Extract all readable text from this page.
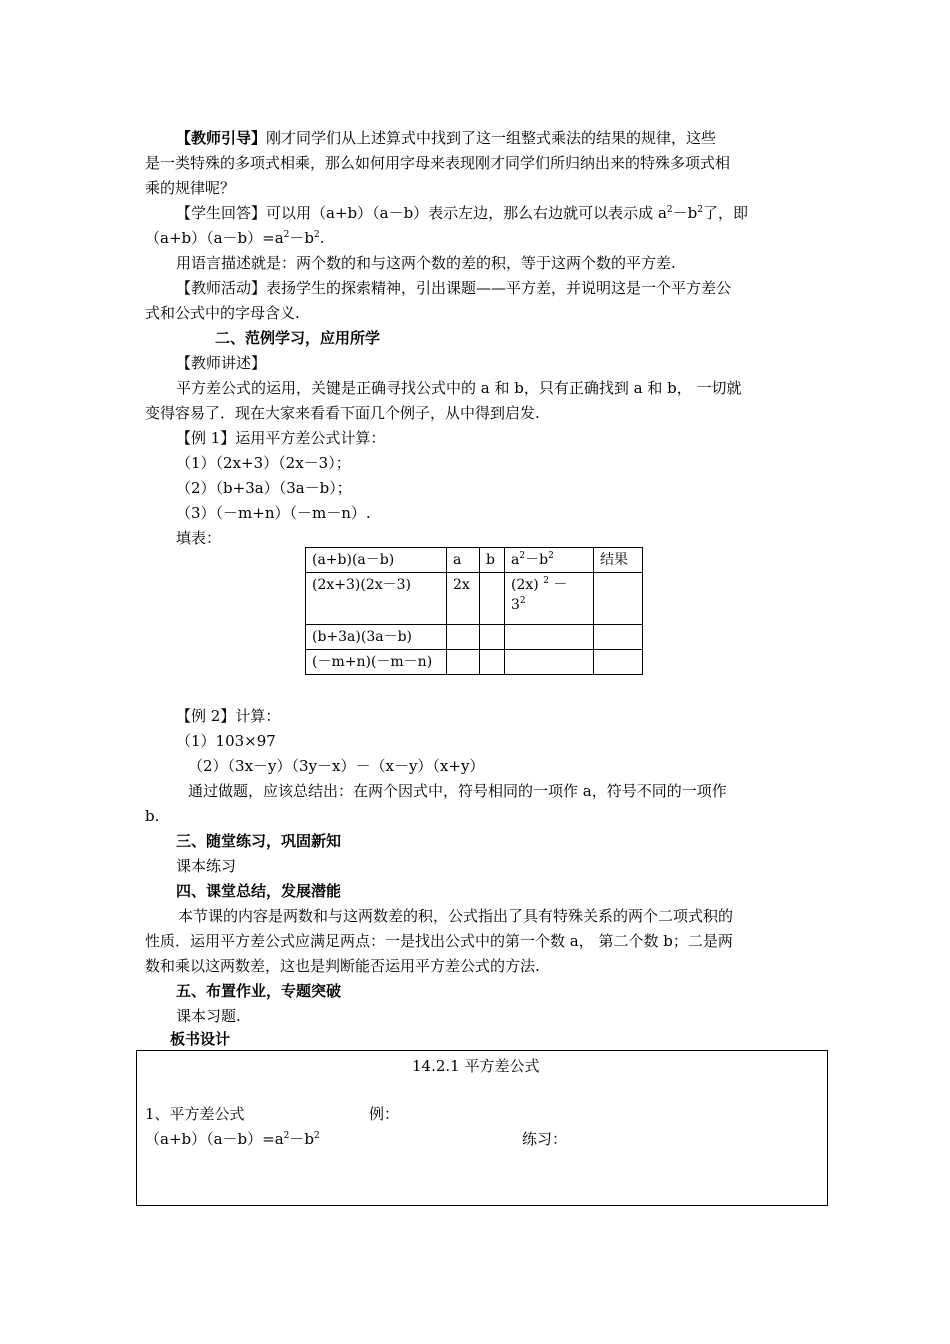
【教师引导】刚才同学们从上述算式中找到了这一组整式乘法的结果的规律，这些
是一类特殊的多项式相乘，那么如何用字母来表现刚才同学们所归纳出来的特殊多项式相
乘的规律呢？
【学生回答】可以用（a+b）（a－b）表示左边，那么右边就可以表示成 $a^2-b^2$了，即
$(a+b)(a-b)=a^2-b^2$.
用语言描述就是：两个数的和与这两个数的差的积，等于这两个数的平方差.
【教师活动】表扬学生的探索精神，引出课题——平方差，并说明这是一个平方差公
式和公式中的字母含义.
二、范例学习，应用所学
【教师讲述】
平方差公式的运用，关键是正确寻找公式中的 a 和 b，只有正确找到 a 和 b， 一切就
变得容易了．现在大家来看看下面几个例子，从中得到启发.
【例 1】运用平方差公式计算：
（1）（2x+3）（2x－3）；
（2）（b+3a）（3a－b）；
（3）（－m+n）（－m－n）.
填表：
(a+b)(a－b)	a	b	$a^2-b^2$	结果
(2x+3)(2x－3)	2x		(2x) $^2$ －
$3^2$	
(b+3a)(3a－b)				
(－m+n)(－m－n)				
【例 2】计算：
（1）103×97
（2）（3x－y）（3y－x）－（x－y）（x+y）
通过做题，应该总结出：在两个因式中，符号相同的一项作 a，符号不同的一项作
b.
三、随堂练习，巩固新知
课本练习
四、课堂总结，发展潜能
本节课的内容是两数和与这两数差的积，公式指出了具有特殊关系的两个二项式积的
性质．运用平方差公式应满足两点：一是找出公式中的第一个数 a， 第二个数 b；二是两
数和乘以这两数差，这也是判断能否运用平方差公式的方法.
五、布置作业，专题突破
课本习题.
板书设计
14.2.1 平方差公式
1、平方差公式	例：
$(a+b)(a-b)=a^2-b^2$	练习：
